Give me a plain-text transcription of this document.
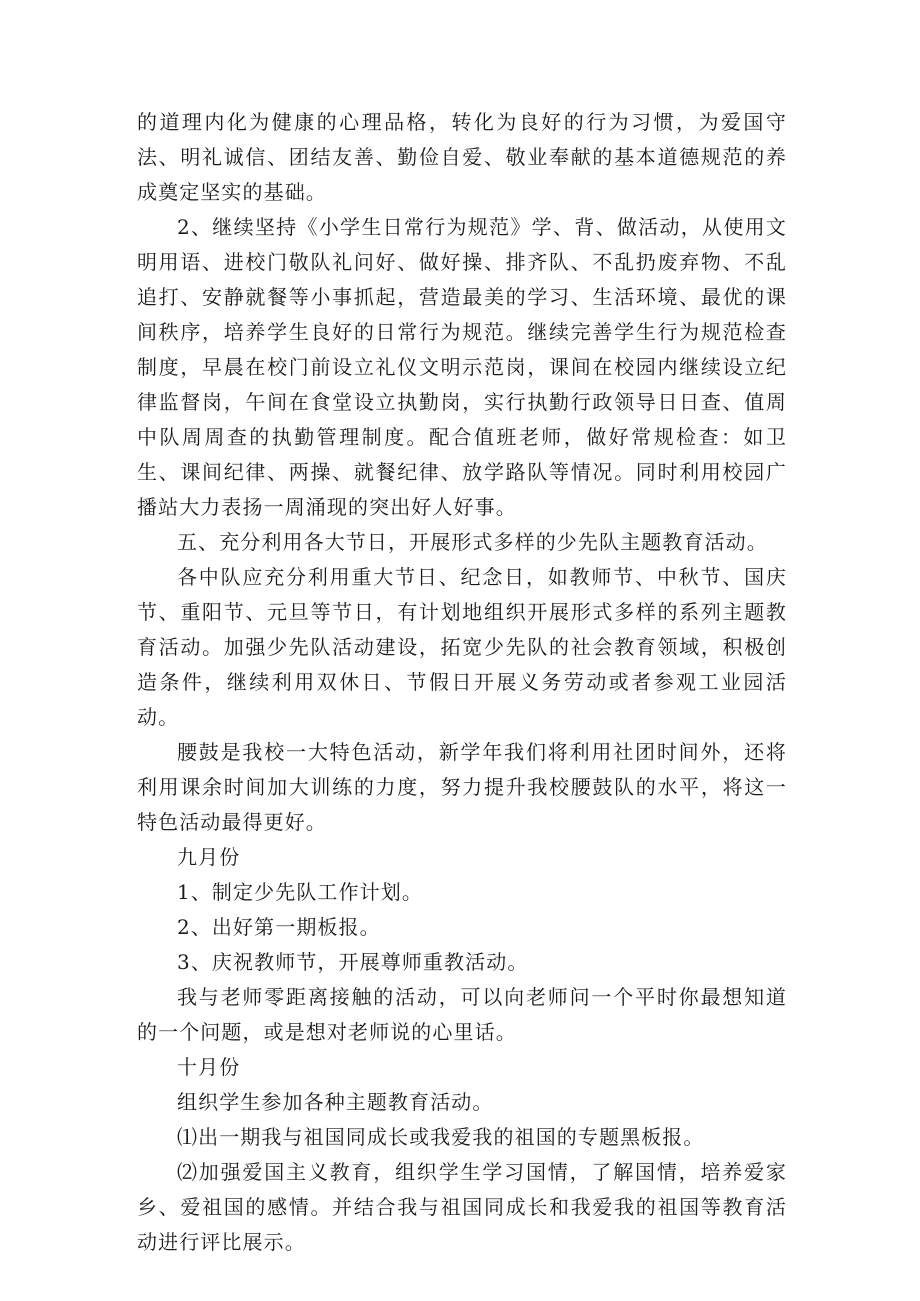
的道理内化为健康的心理品格，转化为良好的行为习惯，为爱国守法、明礼诚信、团结友善、勤俭自爱、敬业奉献的基本道德规范的养成奠定坚实的基础。

2、继续坚持《小学生日常行为规范》学、背、做活动，从使用文明用语、进校门敬队礼问好、做好操、排齐队、不乱扔废弃物、不乱追打、安静就餐等小事抓起，营造最美的学习、生活环境、最优的课间秩序，培养学生良好的日常行为规范。继续完善学生行为规范检查制度，早晨在校门前设立礼仪文明示范岗，课间在校园内继续设立纪律监督岗，午间在食堂设立执勤岗，实行执勤行政领导日日查、值周中队周周查的执勤管理制度。配合值班老师，做好常规检查：如卫生、课间纪律、两操、就餐纪律、放学路队等情况。同时利用校园广播站大力表扬一周涌现的突出好人好事。

五、充分利用各大节日，开展形式多样的少先队主题教育活动。

各中队应充分利用重大节日、纪念日，如教师节、中秋节、国庆节、重阳节、元旦等节日，有计划地组织开展形式多样的系列主题教育活动。加强少先队活动建设，拓宽少先队的社会教育领域，积极创造条件，继续利用双休日、节假日开展义务劳动或者参观工业园活动。

腰鼓是我校一大特色活动，新学年我们将利用社团时间外，还将利用课余时间加大训练的力度，努力提升我校腰鼓队的水平，将这一特色活动最得更好。

九月份

1、制定少先队工作计划。

2、出好第一期板报。

3、庆祝教师节，开展尊师重教活动。

我与老师零距离接触的活动，可以向老师问一个平时你最想知道的一个问题，或是想对老师说的心里话。

十月份

组织学生参加各种主题教育活动。

⑴出一期我与祖国同成长或我爱我的祖国的专题黑板报。

⑵加强爱国主义教育，组织学生学习国情，了解国情，培养爱家乡、爱祖国的感情。并结合我与祖国同成长和我爱我的祖国等教育活动进行评比展示。
